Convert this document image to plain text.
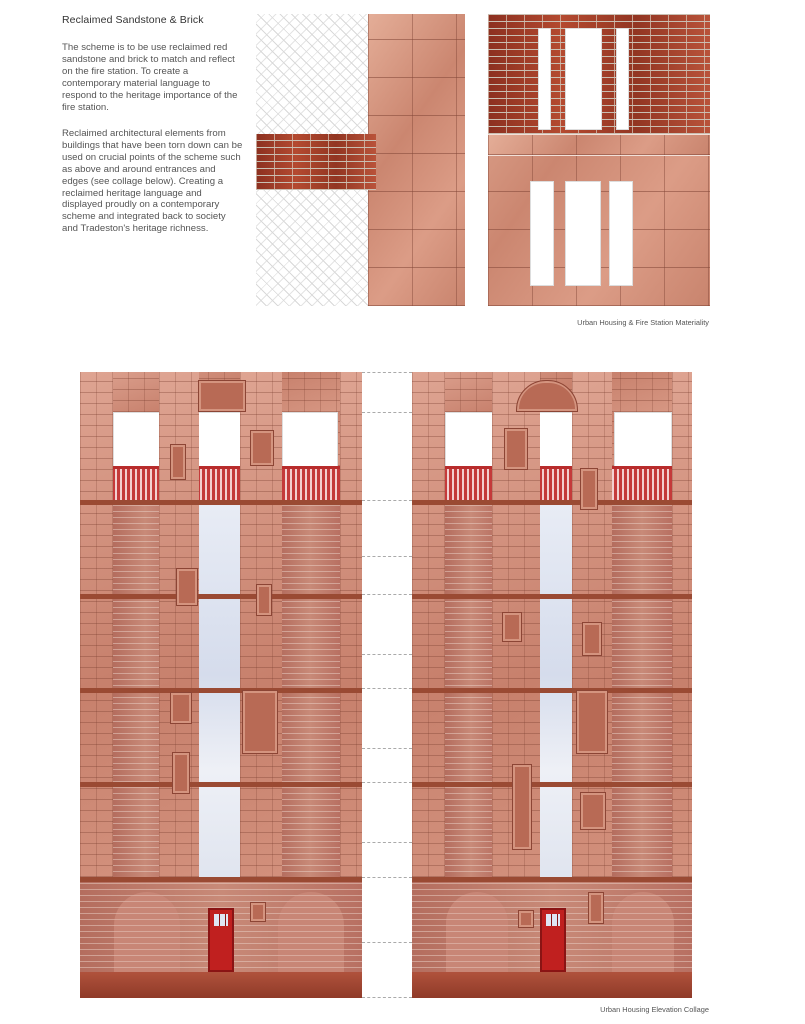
Reclaimed Sandstone & Brick
The scheme is to be use reclaimed red sandstone and brick to match and reflect on the fire station. To create a contemporary material language to respond to the heritage importance of the fire station.
Reclaimed architectural elements from buildings that have been torn down can be used on crucial points of the scheme such as above and around entrances and edges (see collage below). Creating a reclaimed heritage language and displayed proudly on a contemporary scheme and integrated back to society and Tradeston's heritage richness.
Urban Housing & Fire Station Materiality
Urban Housing Elevation Collage
